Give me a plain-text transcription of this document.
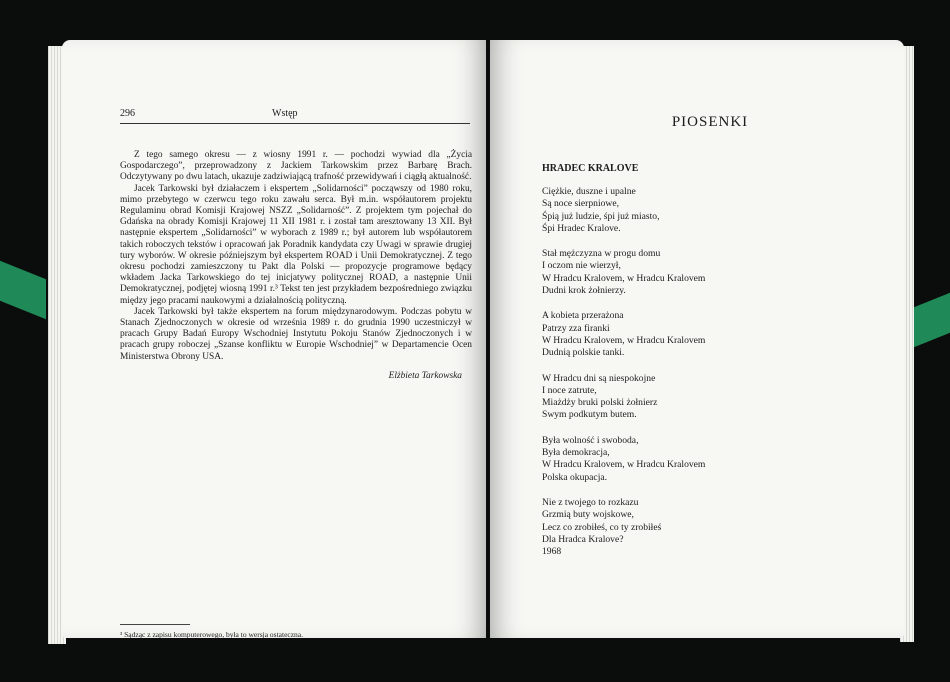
296	Wstęp

Z tego samego okresu — z wiosny 1991 r. — pochodzi wywiad dla „Życia Gospodarczego”, przeprowadzony z Jackiem Tarkowskim przez Barbarę Brach. Odczytywany po dwu latach, ukazuje zadziwiającą trafność przewidywań i ciągłą aktualność.

Jacek Tarkowski był działaczem i ekspertem „Solidarności” począwszy od 1980 roku, mimo przebytego w czerwcu tego roku zawału serca. Był m.in. współautorem projektu Regulaminu obrad Komisji Krajowej NSZZ „Solidarność”. Z projektem tym pojechał do Gdańska na obrady Komisji Krajowej 11 XII 1981 r. i został tam aresztowany 13 XII. Był następnie ekspertem „Solidarności” w wyborach z 1989 r.; był autorem lub współautorem takich roboczych tekstów i opracowań jak Poradnik kandydata czy Uwagi w sprawie drugiej tury wyborów. W okresie późniejszym był ekspertem ROAD i Unii Demokratycznej. Z tego okresu pochodzi zamieszczony tu Pakt dla Polski — propozycje programowe będący wkładem Jacka Tarkowskiego do tej inicjatywy politycznej ROAD, a następnie Unii Demokratycznej, podjętej wiosną 1991 r.³ Tekst ten jest przykładem bezpośredniego związku między jego pracami naukowymi a działalnością polityczną.

Jacek Tarkowski był także ekspertem na forum międzynarodowym. Podczas pobytu w Stanach Zjednoczonych w okresie od września 1989 r. do grudnia 1990 uczestniczył w pracach Grupy Badań Europy Wschodniej Instytutu Pokoju Stanów Zjednoczonych i w pracach grupy roboczej „Szanse konfliktu w Europie Wschodniej” w Departamencie Ocen Ministerstwa Obrony USA.

Elżbieta Tarkowska
³ Sądząc z zapisu komputerowego, była to wersja ostateczna.
PIOSENKI
HRADEC KRALOVE
Ciężkie, duszne i upalne
Są noce sierpniowe,
Śpią już ludzie, śpi już miasto,
Śpi Hradec Kralove.
Stał mężczyzna w progu domu
I oczom nie wierzył,
W Hradcu Kralovem, w Hradcu Kralovem
Dudni krok żołnierzy.
A kobieta przerażona
Patrzy zza firanki
W Hradcu Kralovem, w Hradcu Kralovem
Dudnią polskie tanki.
W Hradcu dni są niespokojne
I noce zatrute,
Miażdży bruki polski żołnierz
Swym podkutym butem.
Była wolność i swoboda,
Była demokracja,
W Hradcu Kralovem, w Hradcu Kralovem
Polska okupacja.
Nie z twojego to rozkazu
Grzmią buty wojskowe,
Lecz co zrobiłeś, co ty zrobiłeś
Dla Hradca Kralove?
1968
